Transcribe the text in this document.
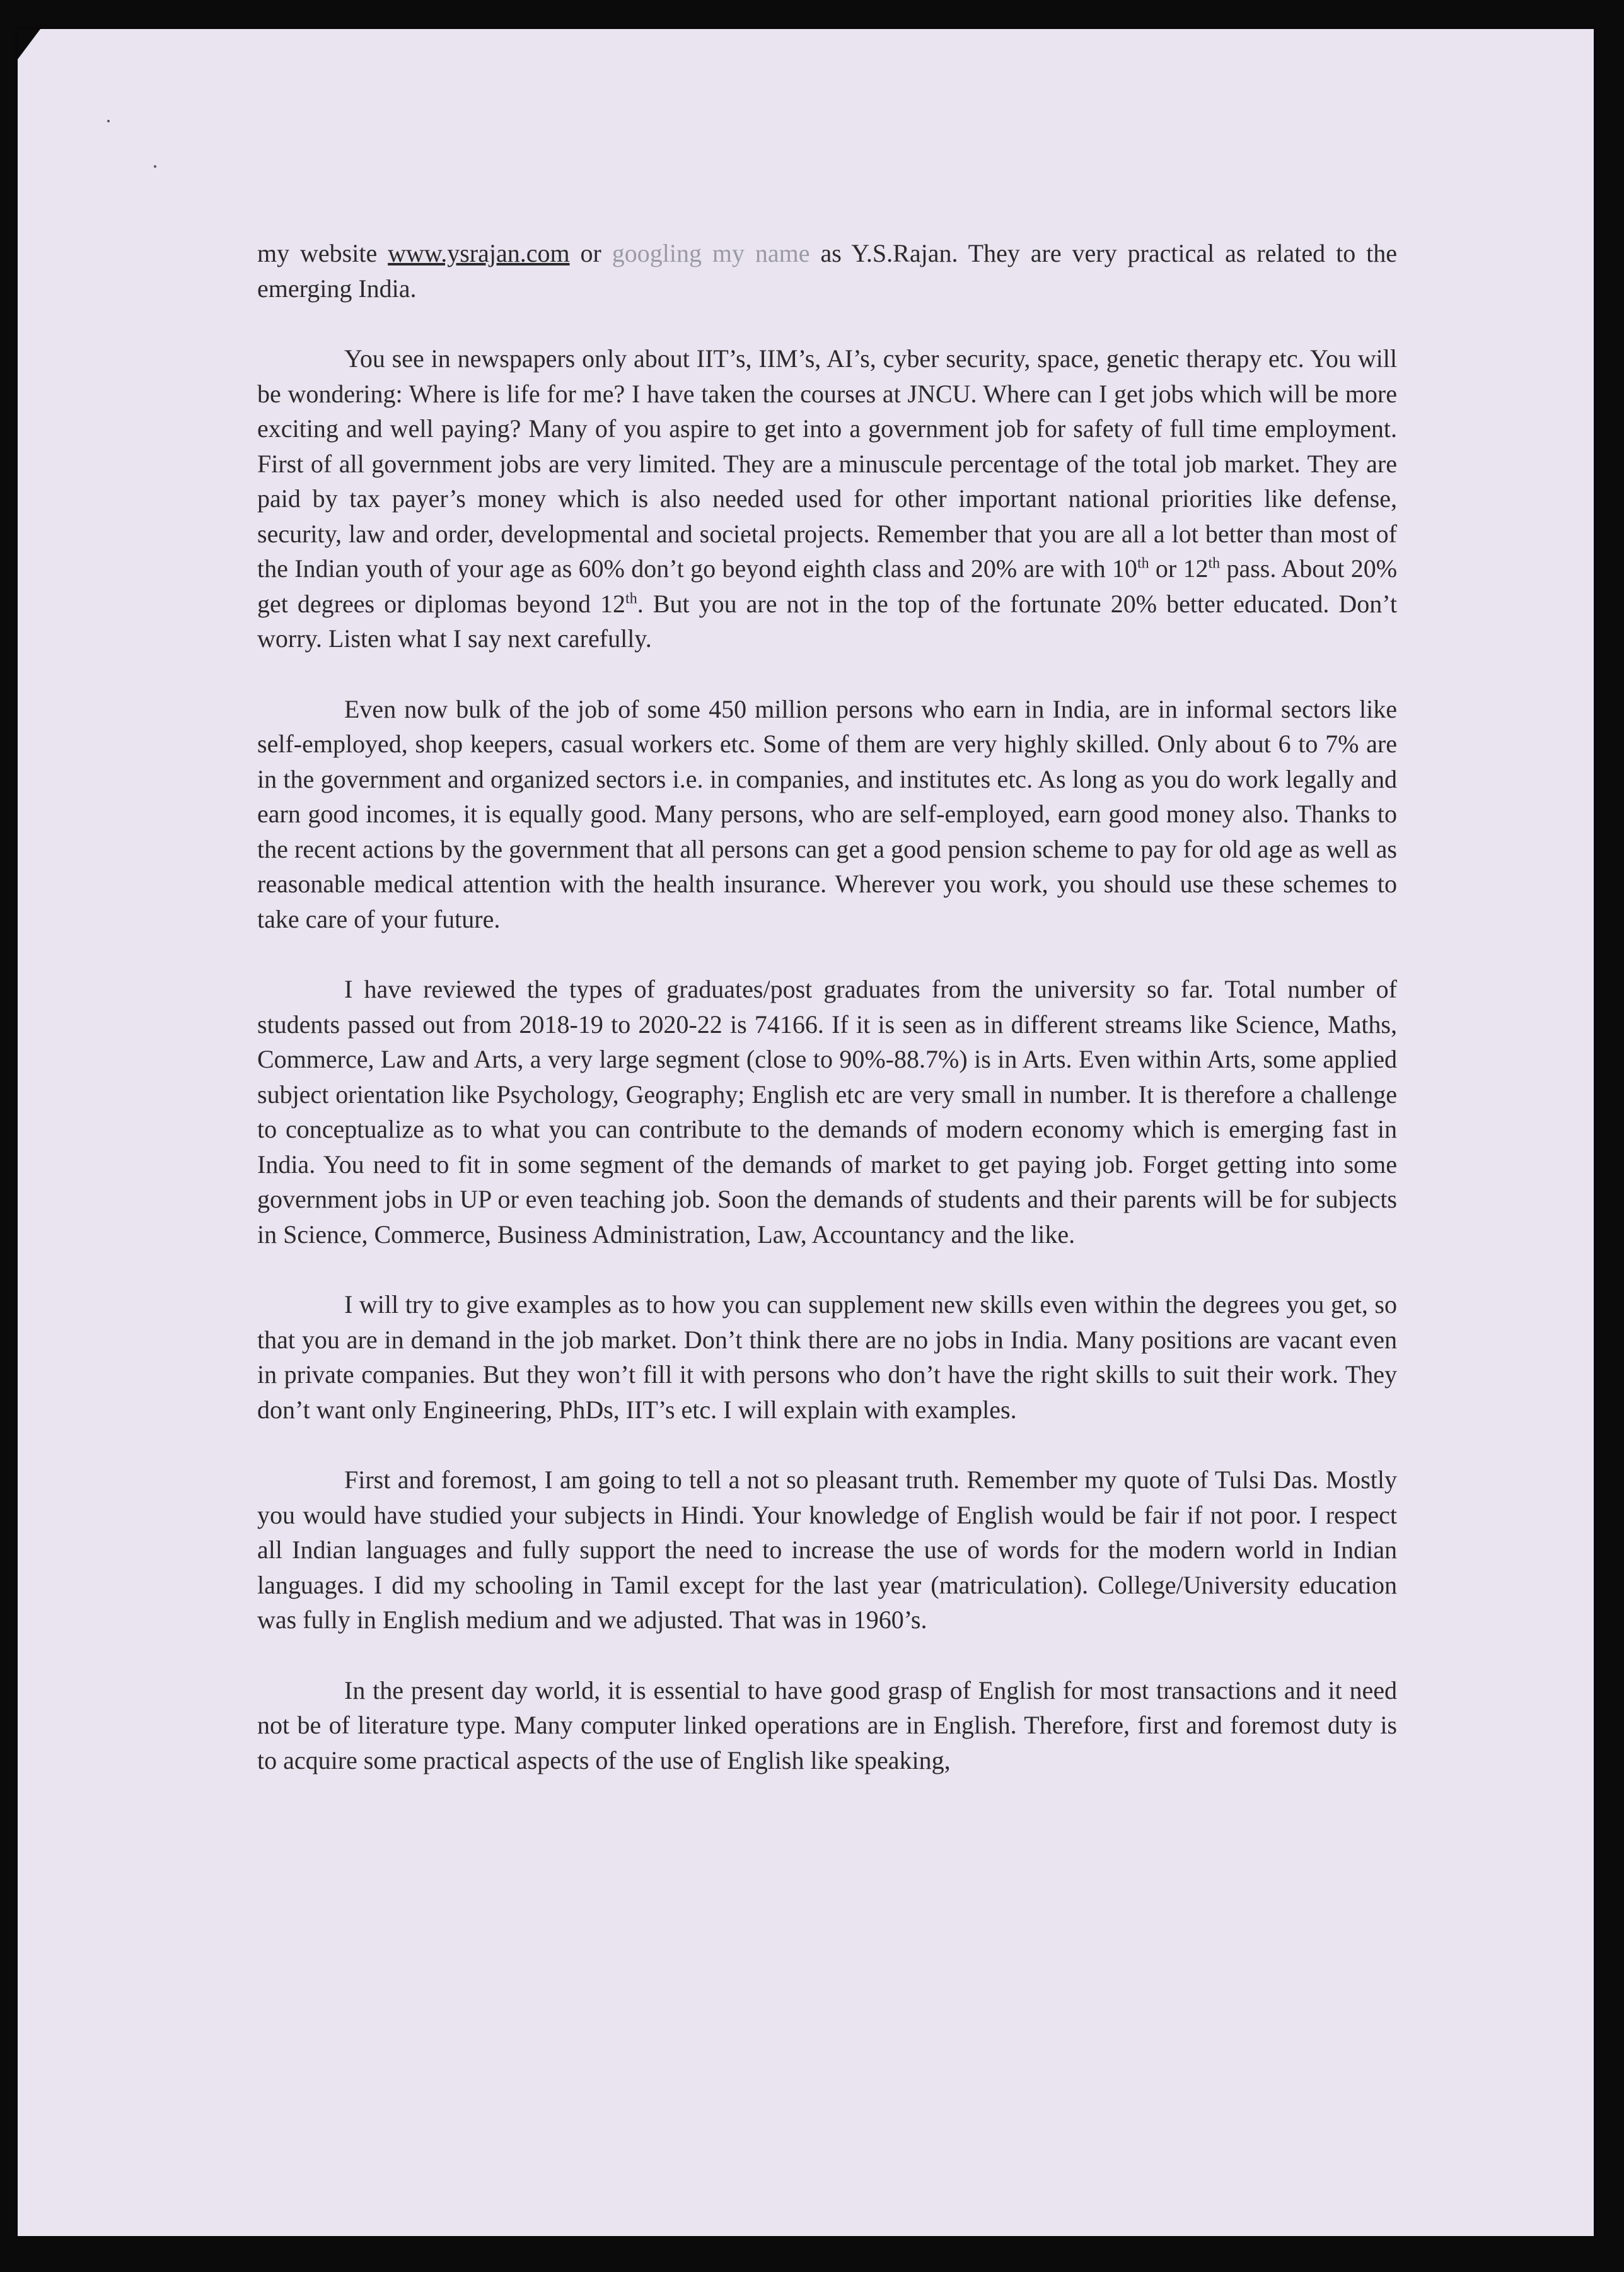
my website www.ysrajan.com or googling my name as Y.S.Rajan. They are very practical as related to the emerging India.

You see in newspapers only about IIT’s, IIM’s, AI’s, cyber security, space, genetic therapy etc. You will be wondering: Where is life for me? I have taken the courses at JNCU. Where can I get jobs which will be more exciting and well paying? Many of you aspire to get into a government job for safety of full time employment. First of all government jobs are very limited. They are a minuscule percentage of the total job market. They are paid by tax payer’s money which is also needed used for other important national priorities like defense, security, law and order, developmental and societal projects. Remember that you are all a lot better than most of the Indian youth of your age as 60% don’t go beyond eighth class and 20% are with 10th or 12th pass. About 20% get degrees or diplomas beyond 12th. But you are not in the top of the fortunate 20% better educated. Don’t worry. Listen what I say next carefully.

Even now bulk of the job of some 450 million persons who earn in India, are in informal sectors like self-employed, shop keepers, casual workers etc. Some of them are very highly skilled. Only about 6 to 7% are in the government and organized sectors i.e. in companies, and institutes etc. As long as you do work legally and earn good incomes, it is equally good. Many persons, who are self-employed, earn good money also. Thanks to the recent actions by the government that all persons can get a good pension scheme to pay for old age as well as reasonable medical attention with the health insurance. Wherever you work, you should use these schemes to take care of your future.

I have reviewed the types of graduates/post graduates from the university so far. Total number of students passed out from 2018-19 to 2020-22 is 74166. If it is seen as in different streams like Science, Maths, Commerce, Law and Arts, a very large segment (close to 90%-88.7%) is in Arts. Even within Arts, some applied subject orientation like Psychology, Geography; English etc are very small in number. It is therefore a challenge to conceptualize as to what you can contribute to the demands of modern economy which is emerging fast in India. You need to fit in some segment of the demands of market to get paying job. Forget getting into some government jobs in UP or even teaching job. Soon the demands of students and their parents will be for subjects in Science, Commerce, Business Administration, Law, Accountancy and the like.

I will try to give examples as to how you can supplement new skills even within the degrees you get, so that you are in demand in the job market. Don’t think there are no jobs in India. Many positions are vacant even in private companies. But they won’t fill it with persons who don’t have the right skills to suit their work. They don’t want only Engineering, PhDs, IIT’s etc. I will explain with examples.

First and foremost, I am going to tell a not so pleasant truth. Remember my quote of Tulsi Das. Mostly you would have studied your subjects in Hindi. Your knowledge of English would be fair if not poor. I respect all Indian languages and fully support the need to increase the use of words for the modern world in Indian languages. I did my schooling in Tamil except for the last year (matriculation). College/University education was fully in English medium and we adjusted. That was in 1960’s.

In the present day world, it is essential to have good grasp of English for most transactions and it need not be of literature type. Many computer linked operations are in English. Therefore, first and foremost duty is to acquire some practical aspects of the use of English like speaking,
